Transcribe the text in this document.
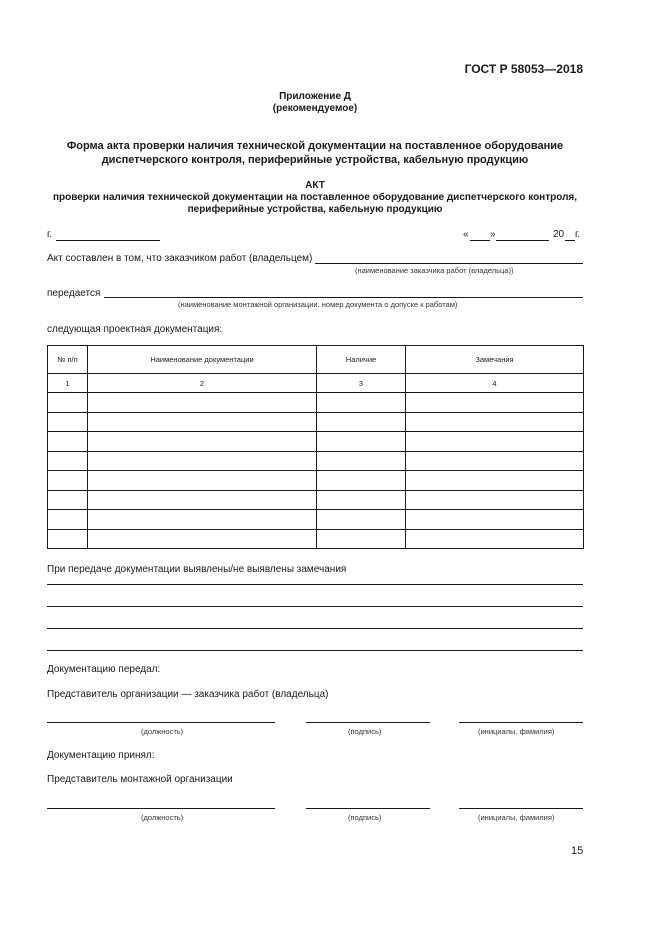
ГОСТ Р 58053—2018
Приложение Д
(рекомендуемое)
Форма акта проверки наличия технической документации на поставленное оборудование
диспетчерского контроля, периферийные устройства, кабельную продукцию
АКТ
проверки наличия технической документации на поставленное оборудование диспетчерского контроля,
периферийные устройства, кабельную продукцию
г.	« »	20 г.
Акт составлен в том, что заказчиком работ (владельцем)
(наименование заказчика работ (владельца))
передается
(наименование монтажной организации, номер документа о допуске к работам)
следующая проектная документация:
№ п/п	Наименование документации	Наличие	Замечания
1	2	3	4

При передаче документации выявлены/не выявлены замечания
Документацию передал:
Представитель организации — заказчика работ (владельца)
(должность)	(подпись)	(инициалы, фамилия)
Документацию принял:
Представитель монтажной организации
(должность)	(подпись)	(инициалы, фамилия)
15
